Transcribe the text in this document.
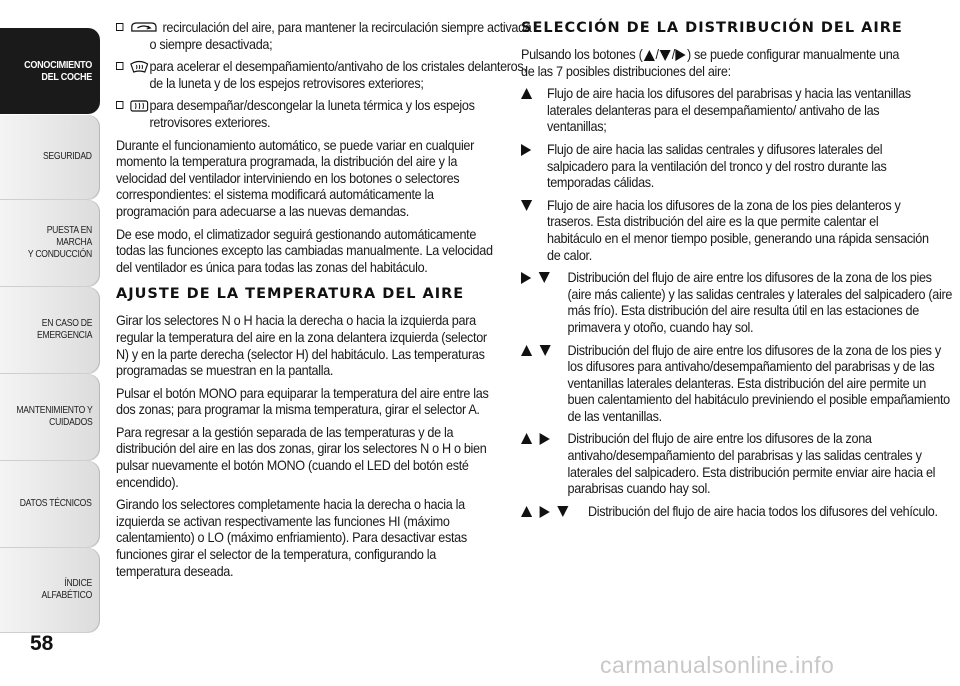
CONOCIMIENTO
DEL COCHE
SEGURIDAD
PUESTA EN MARCHA
Y CONDUCCIÓN
EN CASO DE
EMERGENCIA
MANTENIMIENTO Y
CUIDADOS
DATOS TÉCNICOS
ÍNDICE ALFABÉTICO
58

recirculación del aire, para mantener la recirculación siempre activada o siempre desactivada;

para acelerar el desempañamiento/antivaho de los cristales delanteros, de la luneta y de los espejos retrovisores exteriores;

para desempañar/descongelar la luneta térmica y los espejos retrovisores exteriores.

Durante el funcionamiento automático, se puede variar en cualquier momento la temperatura programada, la distribución del aire y la velocidad del ventilador interviniendo en los botones o selectores correspondientes: el sistema modificará automáticamente la programación para adecuarse a las nuevas demandas.

De ese modo, el climatizador seguirá gestionando automáticamente todas las funciones excepto las cambiadas manualmente. La velocidad del ventilador es única para todas las zonas del habitáculo.

AJUSTE DE LA TEMPERATURA DEL AIRE

Girar los selectores N o H hacia la derecha o hacia la izquierda para regular la temperatura del aire en la zona delantera izquierda (selector N) y en la parte derecha (selector H) del habitáculo. Las temperaturas programadas se muestran en la pantalla.

Pulsar el botón MONO para equiparar la temperatura del aire entre las dos zonas; para programar la misma temperatura, girar el selector A.

Para regresar a la gestión separada de las temperaturas y de la distribución del aire en las dos zonas, girar los selectores N o H o bien pulsar nuevamente el botón MONO (cuando el LED del botón esté encendido).

Girando los selectores completamente hacia la derecha o hacia la izquierda se activan respectivamente las funciones HI (máximo calentamiento) o LO (máximo enfriamiento). Para desactivar estas funciones girar el selector de la temperatura, configurando la temperatura deseada.

SELECCIÓN DE LA DISTRIBUCIÓN DEL AIRE

Pulsando los botones ( / / ) se puede configurar manualmente una de las 7 posibles distribuciones del aire:

Flujo de aire hacia los difusores del parabrisas y hacia las ventanillas laterales delanteras para el desempañamiento/ antivaho de las ventanillas;

Flujo de aire hacia las salidas centrales y difusores laterales del salpicadero para la ventilación del tronco y del rostro durante las temporadas cálidas.

Flujo de aire hacia los difusores de la zona de los pies delanteros y traseros. Esta distribución del aire es la que permite calentar el habitáculo en el menor tiempo posible, generando una rápida sensación de calor.

Distribución del flujo de aire entre los difusores de la zona de los pies (aire más caliente) y las salidas centrales y laterales del salpicadero (aire más frío). Esta distribución del aire resulta útil en las estaciones de primavera y otoño, cuando hay sol.

Distribución del flujo de aire entre los difusores de la zona de los pies y los difusores para antivaho/desempañamiento del parabrisas y de las ventanillas laterales delanteras. Esta distribución del aire permite un buen calentamiento del habitáculo previniendo el posible empañamiento de las ventanillas.

Distribución del flujo de aire entre los difusores de la zona antivaho/desempañamiento del parabrisas y las salidas centrales y laterales del salpicadero. Esta distribución permite enviar aire hacia el parabrisas cuando hay sol.

Distribución del flujo de aire hacia todos los difusores del vehículo.

carmanualsonline.info
